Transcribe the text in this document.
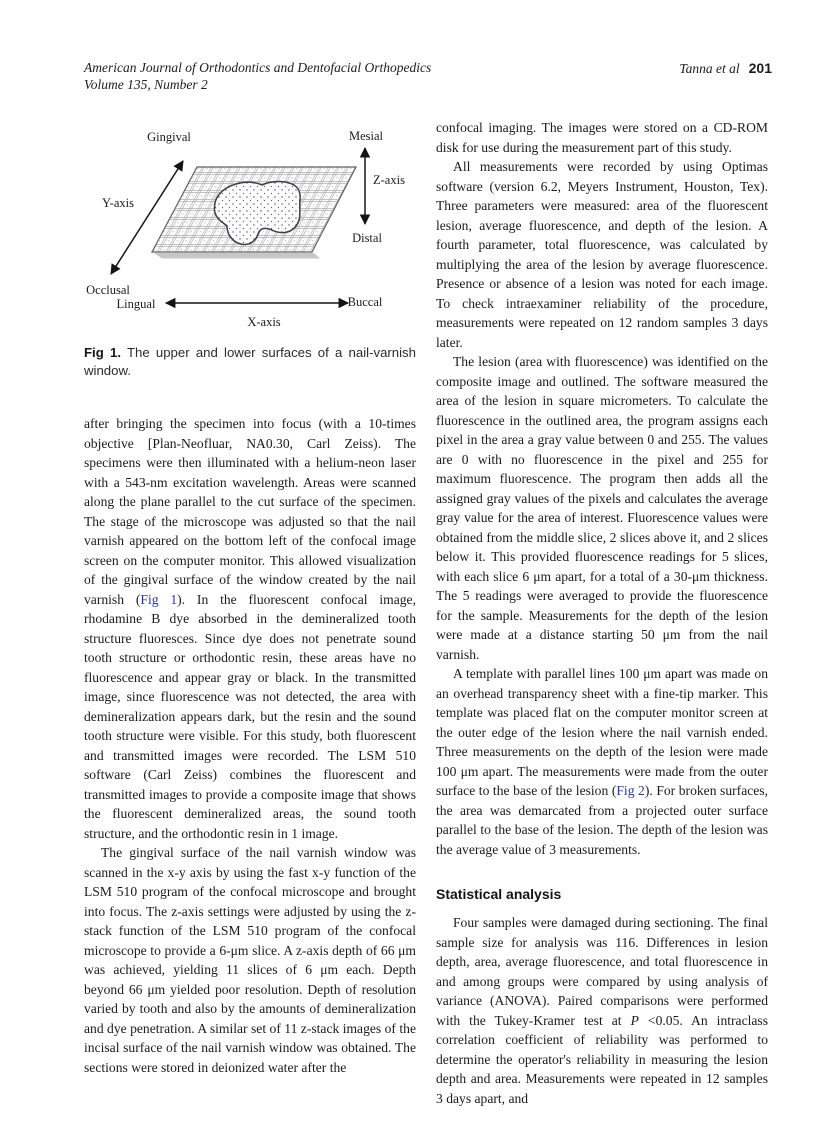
American Journal of Orthodontics and Dentofacial Orthopedics
Volume 135, Number 2
Tanna et al 201
Gingival	Mesial
Y-axis
Z-axis
Distal
Occlusal
Lingual	Buccal
X-axis
Fig 1. The upper and lower surfaces of a nail-varnish window.

after bringing the specimen into focus (with a 10-times objective [Plan-Neofluar, NA0.30, Carl Zeiss). The specimens were then illuminated with a helium-neon laser with a 543-nm excitation wavelength. Areas were scanned along the plane parallel to the cut surface of the specimen. The stage of the microscope was adjusted so that the nail varnish appeared on the bottom left of the confocal image screen on the computer monitor. This allowed visualization of the gingival surface of the window created by the nail varnish (Fig 1). In the fluorescent confocal image, rhodamine B dye absorbed in the demineralized tooth structure fluoresces. Since dye does not penetrate sound tooth structure or orthodontic resin, these areas have no fluorescence and appear gray or black. In the transmitted image, since fluorescence was not detected, the area with demineralization appears dark, but the resin and the sound tooth structure were visible. For this study, both fluorescent and transmitted images were recorded. The LSM 510 software (Carl Zeiss) combines the fluorescent and transmitted images to provide a composite image that shows the fluorescent demineralized areas, the sound tooth structure, and the orthodontic resin in 1 image.

The gingival surface of the nail varnish window was scanned in the x-y axis by using the fast x-y function of the LSM 510 program of the confocal microscope and brought into focus. The z-axis settings were adjusted by using the z-stack function of the LSM 510 program of the confocal microscope to provide a 6-μm slice. A z-axis depth of 66 μm was achieved, yielding 11 slices of 6 μm each. Depth beyond 66 μm yielded poor resolution. Depth of resolution varied by tooth and also by the amounts of demineralization and dye penetration. A similar set of 11 z-stack images of the incisal surface of the nail varnish window was obtained. The sections were stored in deionized water after the

confocal imaging. The images were stored on a CD-ROM disk for use during the measurement part of this study.

All measurements were recorded by using Optimas software (version 6.2, Meyers Instrument, Houston, Tex). Three parameters were measured: area of the fluorescent lesion, average fluorescence, and depth of the lesion. A fourth parameter, total fluorescence, was calculated by multiplying the area of the lesion by average fluorescence. Presence or absence of a lesion was noted for each image. To check intraexaminer reliability of the procedure, measurements were repeated on 12 random samples 3 days later.

The lesion (area with fluorescence) was identified on the composite image and outlined. The software measured the area of the lesion in square micrometers. To calculate the fluorescence in the outlined area, the program assigns each pixel in the area a gray value between 0 and 255. The values are 0 with no fluorescence in the pixel and 255 for maximum fluorescence. The program then adds all the assigned gray values of the pixels and calculates the average gray value for the area of interest. Fluorescence values were obtained from the middle slice, 2 slices above it, and 2 slices below it. This provided fluorescence readings for 5 slices, with each slice 6 μm apart, for a total of a 30-μm thickness. The 5 readings were averaged to provide the fluorescence for the sample. Measurements for the depth of the lesion were made at a distance starting 50 μm from the nail varnish.

A template with parallel lines 100 μm apart was made on an overhead transparency sheet with a fine-tip marker. This template was placed flat on the computer monitor screen at the outer edge of the lesion where the nail varnish ended. Three measurements on the depth of the lesion were made 100 μm apart. The measurements were made from the outer surface to the base of the lesion (Fig 2). For broken surfaces, the area was demarcated from a projected outer surface parallel to the base of the lesion. The depth of the lesion was the average value of 3 measurements.

Statistical analysis

Four samples were damaged during sectioning. The final sample size for analysis was 116. Differences in lesion depth, area, average fluorescence, and total fluorescence in and among groups were compared by using analysis of variance (ANOVA). Paired comparisons were performed with the Tukey-Kramer test at P <0.05. An intraclass correlation coefficient of reliability was performed to determine the operator's reliability in measuring the lesion depth and area. Measurements were repeated in 12 samples 3 days apart, and
